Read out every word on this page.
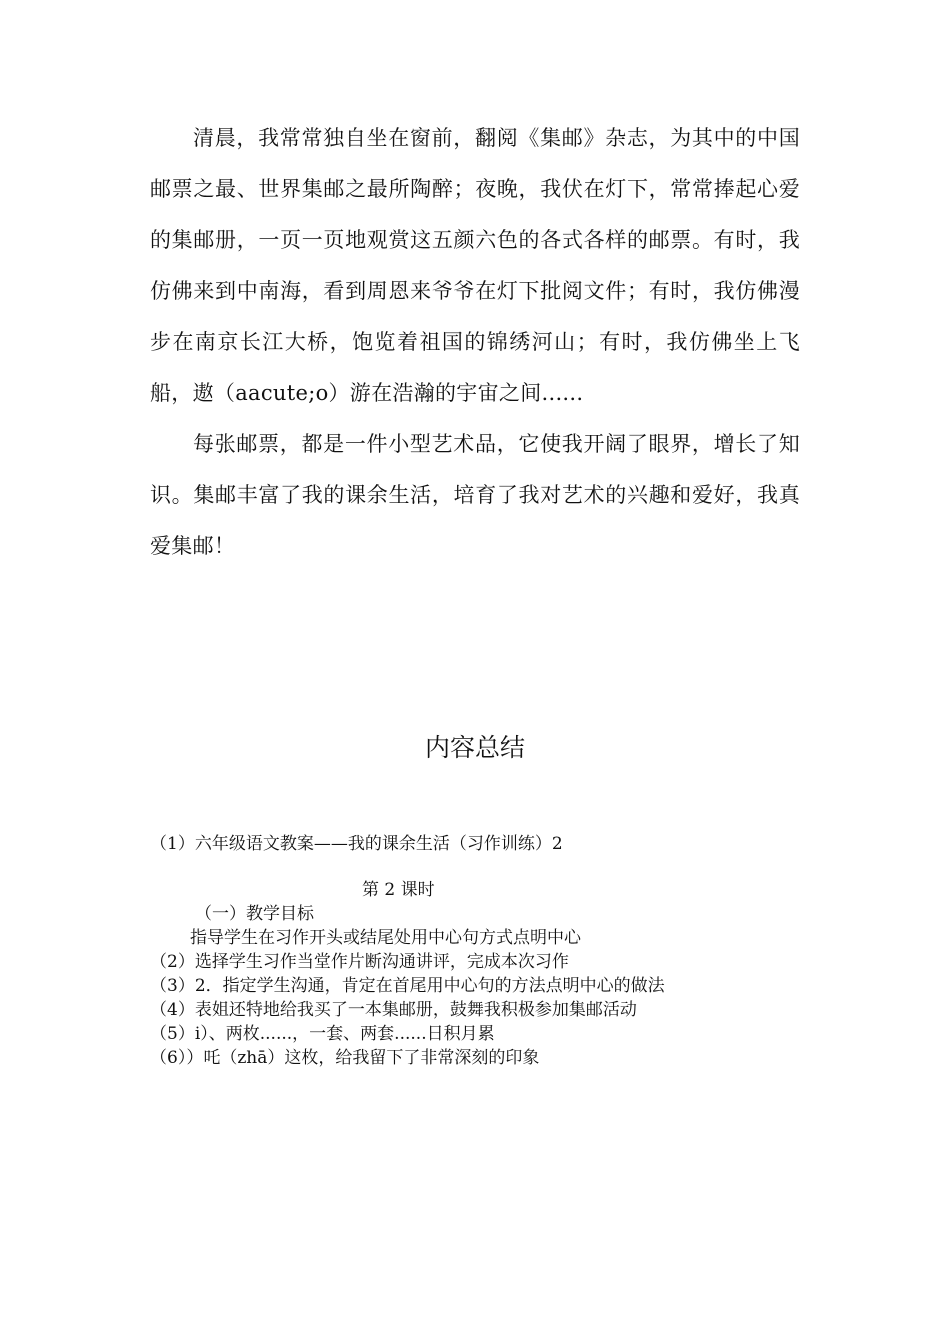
清晨，我常常独自坐在窗前，翻阅《集邮》杂志，为其中的中国邮票之最、世界集邮之最所陶醉；夜晚，我伏在灯下，常常捧起心爱的集邮册，一页一页地观赏这五颜六色的各式各样的邮票。有时，我仿佛来到中南海，看到周恩来爷爷在灯下批阅文件；有时，我仿佛漫步在南京长江大桥，饱览着祖国的锦绣河山；有时，我仿佛坐上飞船，遨（aacute;o）游在浩瀚的宇宙之间......

每张邮票，都是一件小型艺术品，它使我开阔了眼界，增长了知识。集邮丰富了我的课余生活，培育了我对艺术的兴趣和爱好，我真爱集邮！

内容总结
（1）六年级语文教案——我的课余生活（习作训练）2
第 2 课时
（一）教学目标
指导学生在习作开头或结尾处用中心句方式点明中心
（2）选择学生习作当堂作片断沟通讲评，完成本次习作
（3）2．指定学生沟通，肯定在首尾用中心句的方法点明中心的做法
（4）表姐还特地给我买了一本集邮册，鼓舞我积极参加集邮活动
（5）i）、两枚......，一套、两套......日积月累
（6））吒（zhā）这枚，给我留下了非常深刻的印象
